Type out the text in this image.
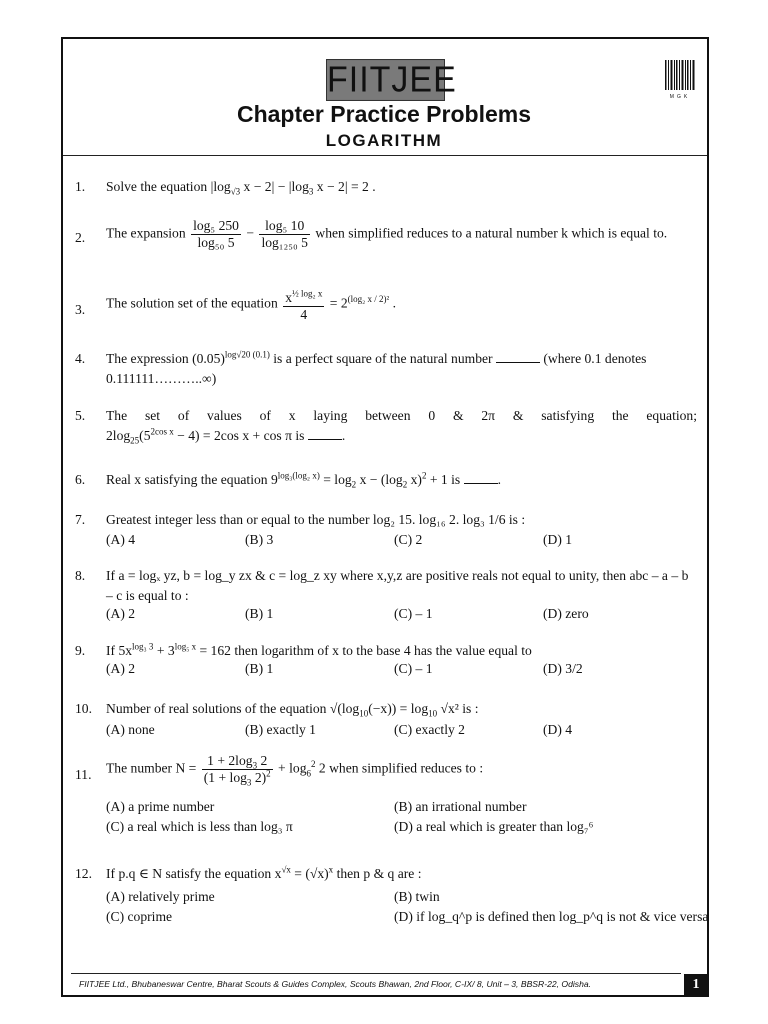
FIITJEE	MGK
Chapter Practice Problems
LOGARITHM
1. Solve the equation $|\log_{√3}$ $x - 2| - |\log_3$ x − 2| = 2 .
2. The expansion $\frac{\text{log₅ 250}}{\text{log₅₀ 5}} - \frac{\text{log₅ 10}}{\text{log₁₂₅₀ 5}}$ when simplified reduces to a natural number k which is equal to.
3. The solution set of the equation $\frac{x^{\frac{1}{2} log_2 x}}{4} = 2^{(log_2 x / 2)^2}$ .
4. The expression $(0.05)^{log√20 (0.1)}$ is a perfect square of the natural number	(where 0.1 denotes
0.111111………..∞)
5. The set of values of x laying between 0 & 2π & satisfying the equation;
$2\log_{25}(5^{2cos x} - 4) = 2\cos$ x + cos π is	.
6. Real x satisfying the equation $9^{log_3(log_2 x)} = \log_2 x - (\log_2$ x)$^2$ + 1 is	.
7. Greatest integer less than or equal to the number log₂ 15. log₁₆ 2. log₃ 1/6 is :
(A) 4	(B) 3	(C) 2	(D) 1
8. If a = logₓ yz, b = log_y zx & c = log_z xy where x,y,z are positive reals not equal to unity, then abc – a – b
– c is equal to :
(A) 2	(B) 1	(C) – 1	(D) zero
9. If $5x^{log_3 3} + 3^{log_5 x} = 162$ then logarithm of x to the base 4 has the value equal to
(A) 2	(B) 1	(C) – 1	(D) 3/2
10. Number of real solutions of the equation $√(\log_{10}(-x)) = \log_{10} √x^2$ is :
(A) none	(B) exactly 1	(C) exactly 2	(D) 4
11. The number $N = \frac{1 + 2\log_3 2}{(1 + \log_3 2)^2} + \log_6^2 2$ when simplified reduces to :
(A) a prime number	(B) an irrational number
(C) a real which is less than log₃ π	(D) a real which is greater than log₇⁶
12. If p.q ∈ N satisfy the equation $x^{√x} = (√x)^x$ then p & q are :
(A) relatively prime	(B) twin
(C) coprime	(D) if log_q^p is defined then log_p^q is not & vice versa
FIITJEE Ltd., Bhubaneswar Centre, Bharat Scouts & Guides Complex, Scouts Bhawan, 2nd Floor, C-IX/ 8, Unit – 3, BBSR-22, Odisha.	1
